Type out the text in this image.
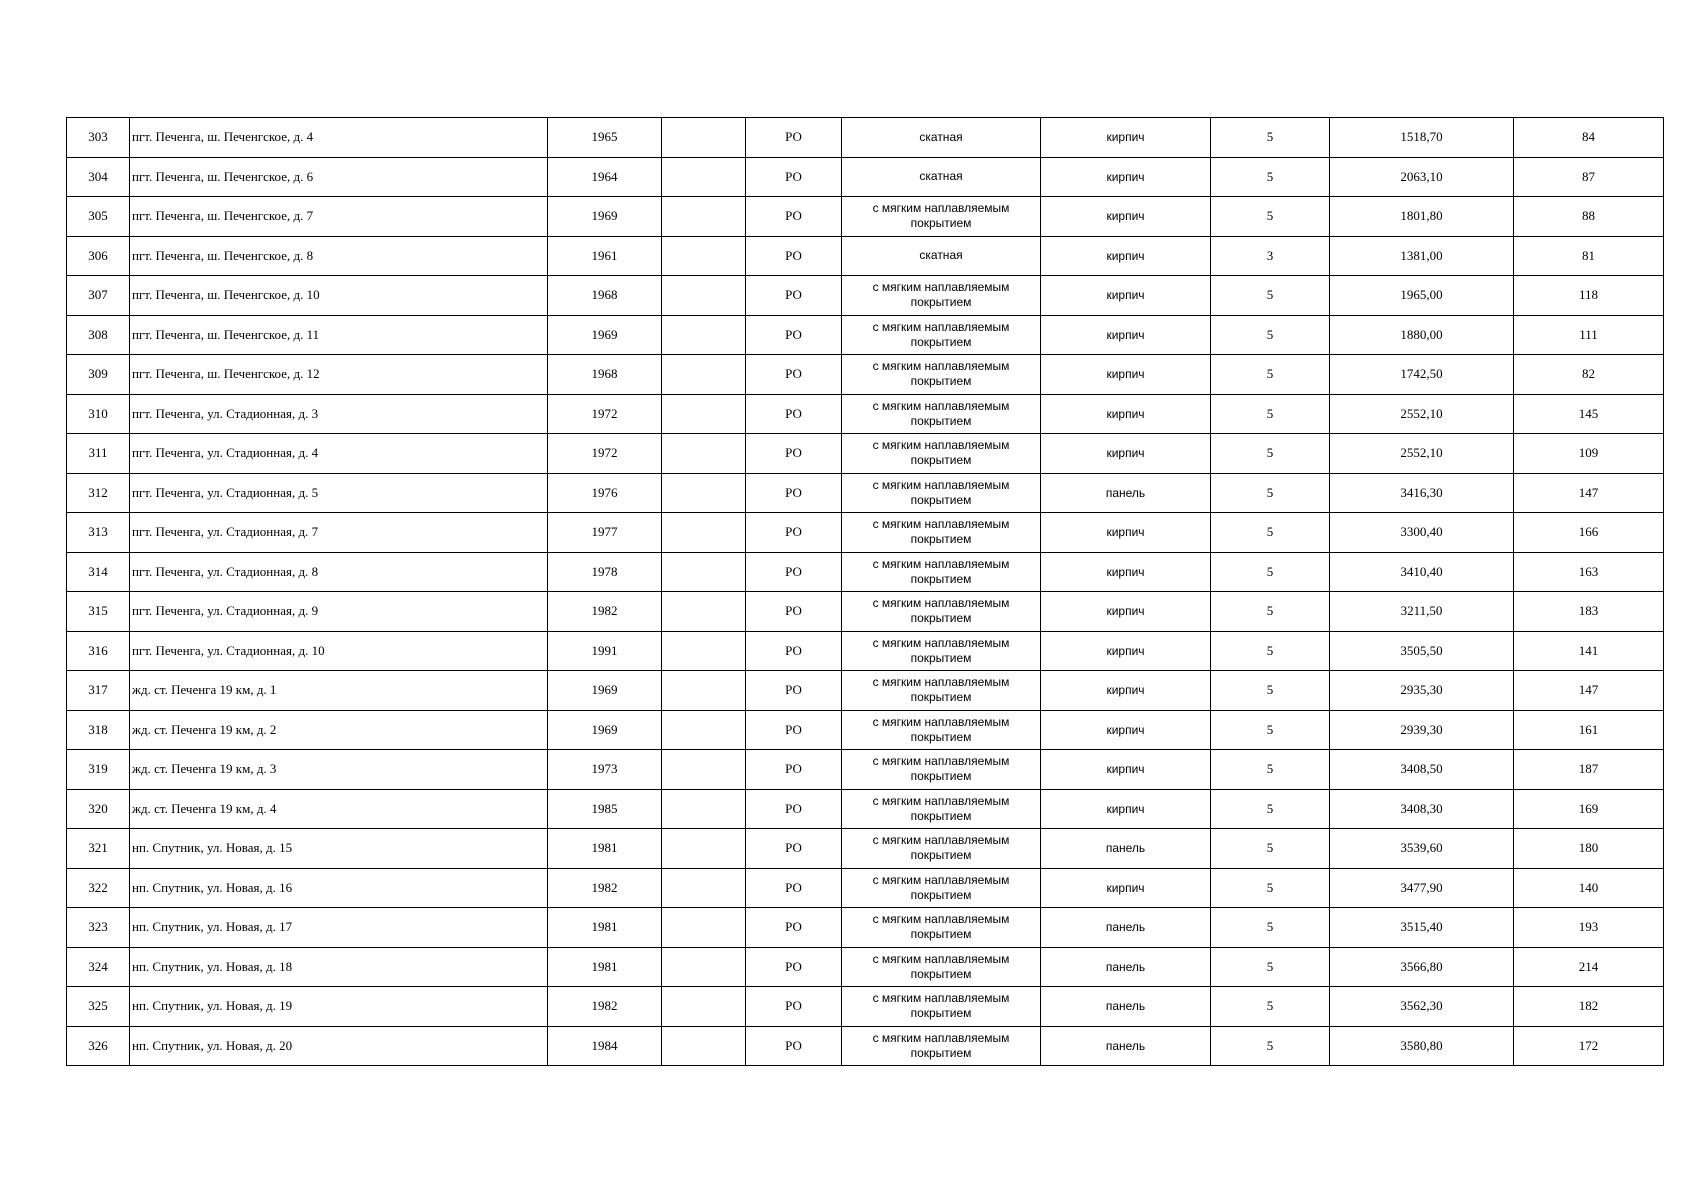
303	пгт. Печенга, ш. Печенгское, д. 4	1965		РО	скатная	кирпич	5	1518,70	84
304	пгт. Печенга, ш. Печенгское, д. 6	1964		РО	скатная	кирпич	5	2063,10	87
305	пгт. Печенга, ш. Печенгское, д. 7	1969		РО	с мягким наплавляемым покрытием	кирпич	5	1801,80	88
306	пгт. Печенга, ш. Печенгское, д. 8	1961		РО	скатная	кирпич	3	1381,00	81
307	пгт. Печенга, ш. Печенгское, д. 10	1968		РО	с мягким наплавляемым покрытием	кирпич	5	1965,00	118
308	пгт. Печенга, ш. Печенгское, д. 11	1969		РО	с мягким наплавляемым покрытием	кирпич	5	1880,00	111
309	пгт. Печенга, ш. Печенгское, д. 12	1968		РО	с мягким наплавляемым покрытием	кирпич	5	1742,50	82
310	пгт. Печенга, ул. Стадионная, д. 3	1972		РО	с мягким наплавляемым покрытием	кирпич	5	2552,10	145
311	пгт. Печенга, ул. Стадионная, д. 4	1972		РО	с мягким наплавляемым покрытием	кирпич	5	2552,10	109
312	пгт. Печенга, ул. Стадионная, д. 5	1976		РО	с мягким наплавляемым покрытием	панель	5	3416,30	147
313	пгт. Печенга, ул. Стадионная, д. 7	1977		РО	с мягким наплавляемым покрытием	кирпич	5	3300,40	166
314	пгт. Печенга, ул. Стадионная, д. 8	1978		РО	с мягким наплавляемым покрытием	кирпич	5	3410,40	163
315	пгт. Печенга, ул. Стадионная, д. 9	1982		РО	с мягким наплавляемым покрытием	кирпич	5	3211,50	183
316	пгт. Печенга, ул. Стадионная, д. 10	1991		РО	с мягким наплавляемым покрытием	кирпич	5	3505,50	141
317	жд. ст. Печенга 19 км, д. 1	1969		РО	с мягким наплавляемым покрытием	кирпич	5	2935,30	147
318	жд. ст. Печенга 19 км, д. 2	1969		РО	с мягким наплавляемым покрытием	кирпич	5	2939,30	161
319	жд. ст. Печенга 19 км, д. 3	1973		РО	с мягким наплавляемым покрытием	кирпич	5	3408,50	187
320	жд. ст. Печенга 19 км, д. 4	1985		РО	с мягким наплавляемым покрытием	кирпич	5	3408,30	169
321	нп. Спутник, ул. Новая, д. 15	1981		РО	с мягким наплавляемым покрытием	панель	5	3539,60	180
322	нп. Спутник, ул. Новая, д. 16	1982		РО	с мягким наплавляемым покрытием	кирпич	5	3477,90	140
323	нп. Спутник, ул. Новая, д. 17	1981		РО	с мягким наплавляемым покрытием	панель	5	3515,40	193
324	нп. Спутник, ул. Новая, д. 18	1981		РО	с мягким наплавляемым покрытием	панель	5	3566,80	214
325	нп. Спутник, ул. Новая, д. 19	1982		РО	с мягким наплавляемым покрытием	панель	5	3562,30	182
326	нп. Спутник, ул. Новая, д. 20	1984		РО	с мягким наплавляемым покрытием	панель	5	3580,80	172
